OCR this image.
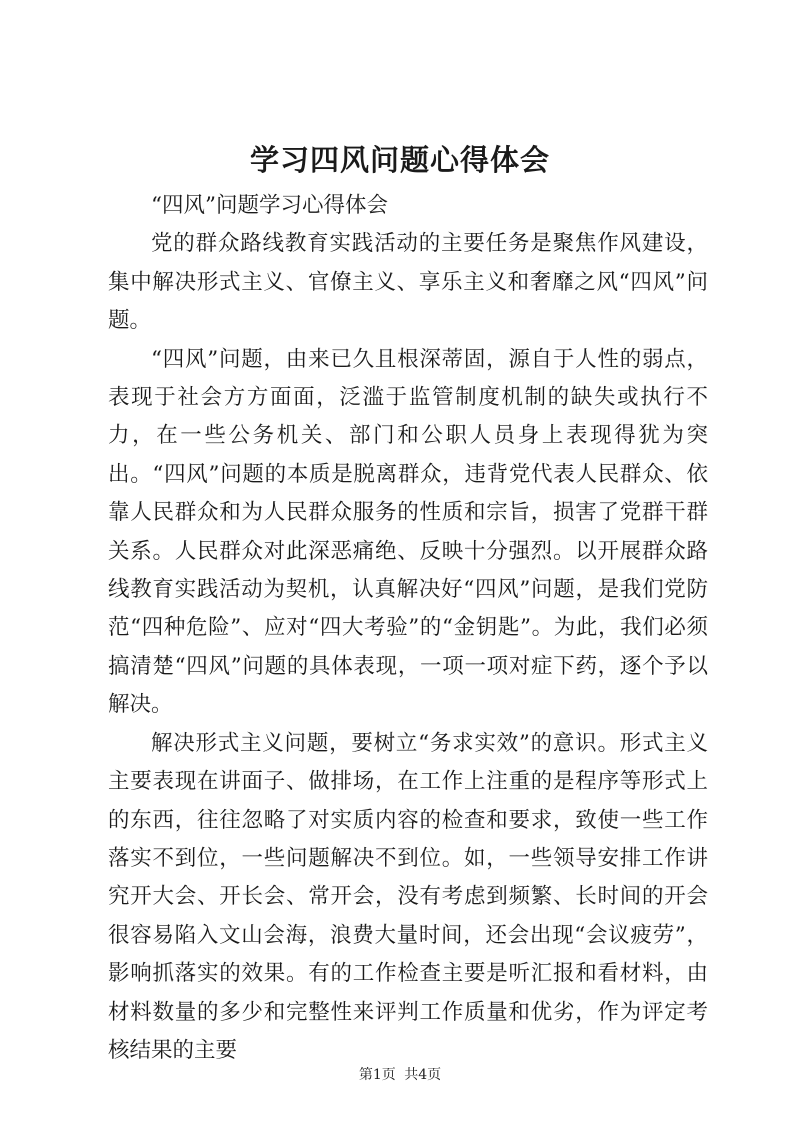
学习四风问题心得体会

“四风”问题学习心得体会

党的群众路线教育实践活动的主要任务是聚焦作风建设，集中解决形式主义、官僚主义、享乐主义和奢靡之风“四风”问题。

“四风”问题，由来已久且根深蒂固，源自于人性的弱点，表现于社会方方面面，泛滥于监管制度机制的缺失或执行不力，在一些公务机关、部门和公职人员身上表现得犹为突出。“四风”问题的本质是脱离群众，违背党代表人民群众、依靠人民群众和为人民群众服务的性质和宗旨，损害了党群干群关系。人民群众对此深恶痛绝、反映十分强烈。以开展群众路线教育实践活动为契机，认真解决好“四风”问题，是我们党防范“四种危险”、应对“四大考验”的“金钥匙”。为此，我们必须搞清楚“四风”问题的具体表现，一项一项对症下药，逐个予以解决。

解决形式主义问题，要树立“务求实效”的意识。形式主义主要表现在讲面子、做排场，在工作上注重的是程序等形式上的东西，往往忽略了对实质内容的检查和要求，致使一些工作落实不到位，一些问题解决不到位。如，一些领导安排工作讲究开大会、开长会、常开会，没有考虑到频繁、长时间的开会很容易陷入文山会海，浪费大量时间，还会出现“会议疲劳”，影响抓落实的效果。有的工作检查主要是听汇报和看材料，由材料数量的多少和完整性来评判工作质量和优劣，作为评定考核结果的主要

第1页 共4页
